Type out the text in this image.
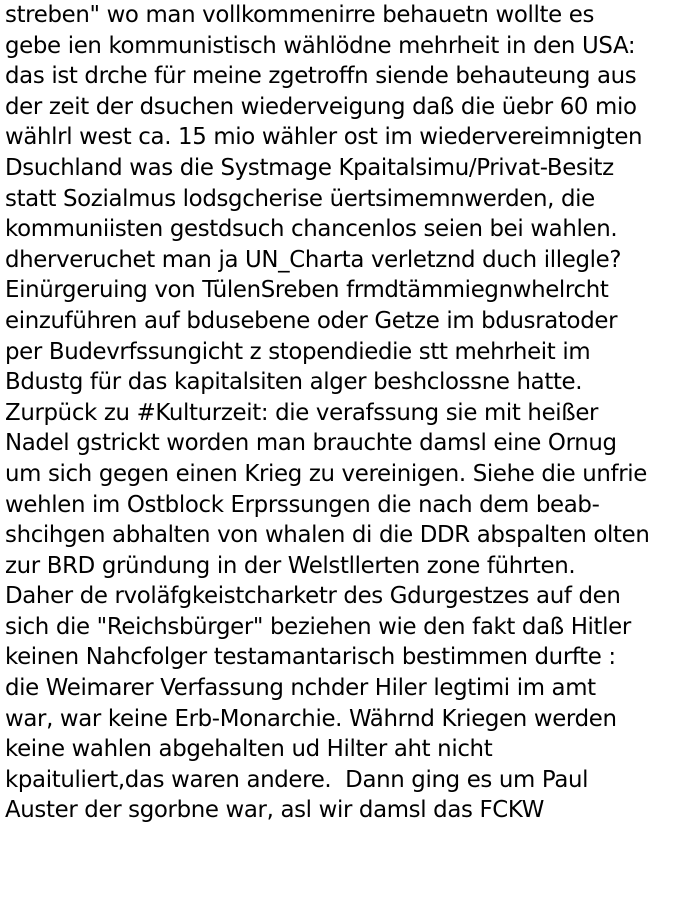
streben" wo man vollkommenirre behauetn wollte es
gebe ien kommunistisch wählödne mehrheit in den USA:
das ist drche für meine zgetroffn siende behauteung aus
der zeit der dsuchen wiederveigung daß die üebr 60 mio
wählrl west ca. 15 mio wähler ost im wiedervereimnigten
Dsuchland was die Systmage Kpaitalsimu/Privat-Besitz
statt Sozialmus lodsgcherise üertsimemnwerden, die
kommuniisten gestdsuch chancenlos seien bei wahlen.
dherveruchet man ja UN_Charta verletznd duch illegle?
Einürgeruing von TülenSreben frmdtämmiegnwhelrcht
einzuführen auf bdusebene oder Getze im bdusratoder
per Budevrfssungicht z stopendiedie stt mehrheit im
Bdustg für das kapitalsiten alger beshclossne hatte.
Zurpück zu #Kulturzeit: die verafssung sie mit heißer
Nadel gstrickt worden man brauchte damsl eine Ornug
um sich gegen einen Krieg zu vereinigen. Siehe die unfrie
wehlen im Ostblock Erprssungen die nach dem beab-
shcihgen abhalten von whalen di die DDR abspalten olten
zur BRD gründung in der Welstllerten zone führten.
Daher de rvoläfgkeistcharketr des Gdurgestzes auf den
sich die "Reichsbürger" beziehen wie den fakt daß Hitler
keinen Nahcfolger testamantarisch bestimmen durfte :
die Weimarer Verfassung nchder Hiler legtimi im amt
war, war keine Erb-Monarchie. Währnd Kriegen werden
keine wahlen abgehalten ud Hilter aht nicht
kpaituliert,das waren andere.  Dann ging es um Paul
Auster der sgorbne war, asl wir damsl das FCKW
